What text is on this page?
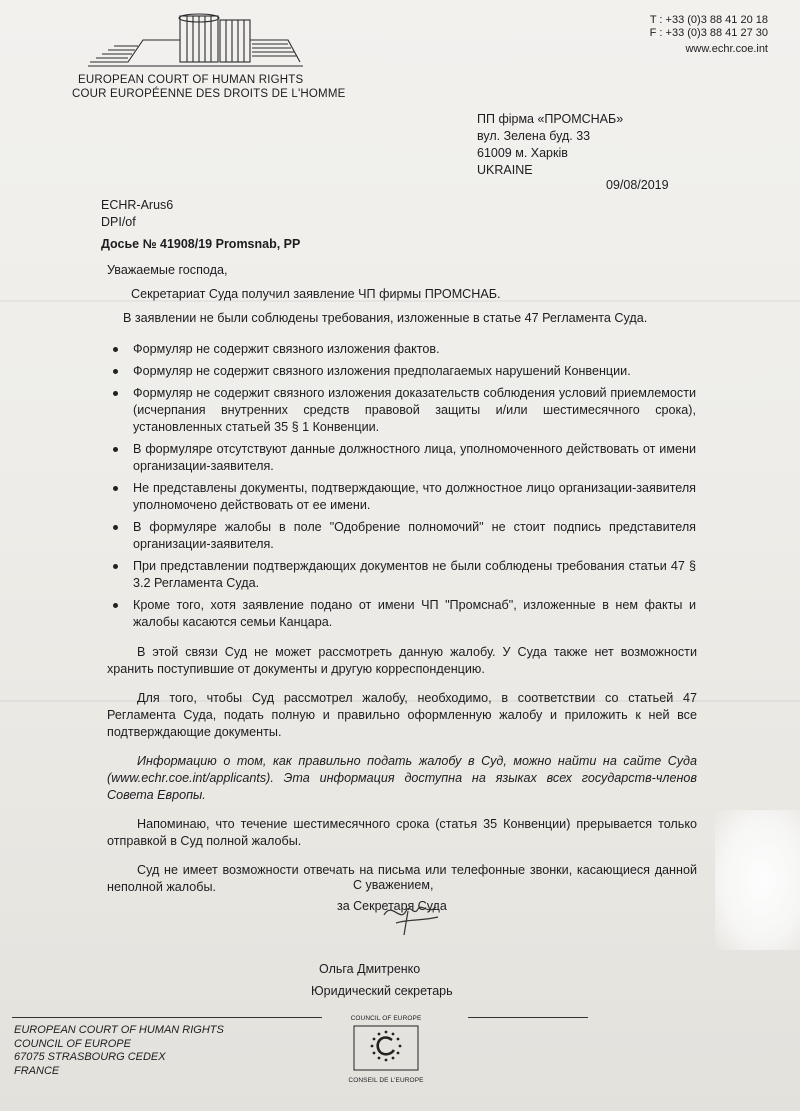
EUROPEAN COURT OF HUMAN RIGHTS
COUR EUROPÉENNE DES DROITS DE L'HOMME
T : +33 (0)3 88 41 20 18
F : +33 (0)3 88 41 27 30
www.echr.coe.int
ПП фірма «ПРОМСНАБ»
вул. Зелена буд. 33
61009 м. Харків
UKRAINE
09/08/2019
ECHR-Arus6
DPI/of
Досье № 41908/19 Promsnab, PP
Уважаемые господа,
Секретариат Суда получил заявление ЧП фирмы ПРОМСНАБ.
В заявлении не были соблюдены требования, изложенные в статье 47 Регламента Суда.
Формуляр не содержит связного изложения фактов.
Формуляр не содержит связного изложения предполагаемых нарушений Конвенции.
Формуляр не содержит связного изложения доказательств соблюдения условий приемлемости (исчерпания внутренних средств правовой защиты и/или шестимесячного срока), установленных статьей 35 § 1 Конвенции.
В формуляре отсутствуют данные должностного лица, уполномоченного действовать от имени организации-заявителя.
Не представлены документы, подтверждающие, что должностное лицо организации-заявителя уполномочено действовать от ее имени.
В формуляре жалобы в поле "Одобрение полномочий" не стоит подпись представителя организации-заявителя.
При представлении подтверждающих документов не были соблюдены требования статьи 47 § 3.2 Регламента Суда.
Кроме того, хотя заявление подано от имени ЧП "Промснаб", изложенные в нем факты и жалобы касаются семьи Канцара.

В этой связи Суд не может рассмотреть данную жалобу. У Суда также нет возможности хранить поступившие от документы и другую корреспонденцию.

Для того, чтобы Суд рассмотрел жалобу, необходимо, в соответствии со статьей 47 Регламента Суда, подать полную и правильно оформленную жалобу и приложить к ней все подтверждающие документы.

Информацию о том, как правильно подать жалобу в Суд, можно найти на сайте Суда (www.echr.coe.int/applicants). Эта информация доступна на языках всех государств-членов Совета Европы.

Напоминаю, что течение шестимесячного срока (статья 35 Конвенции) прерывается только отправкой в Суд полной жалобы.

Суд не имеет возможности отвечать на письма или телефонные звонки, касающиеся данной неполной жалобы.	С уважением,
за Секретаря Суда
Ольга Дмитренко
Юридический секретарь
EUROPEAN COURT OF HUMAN RIGHTS
COUNCIL OF EUROPE
67075 STRASBOURG CEDEX
FRANCE
COUNCIL OF EUROPE
CONSEIL DE L'EUROPE
